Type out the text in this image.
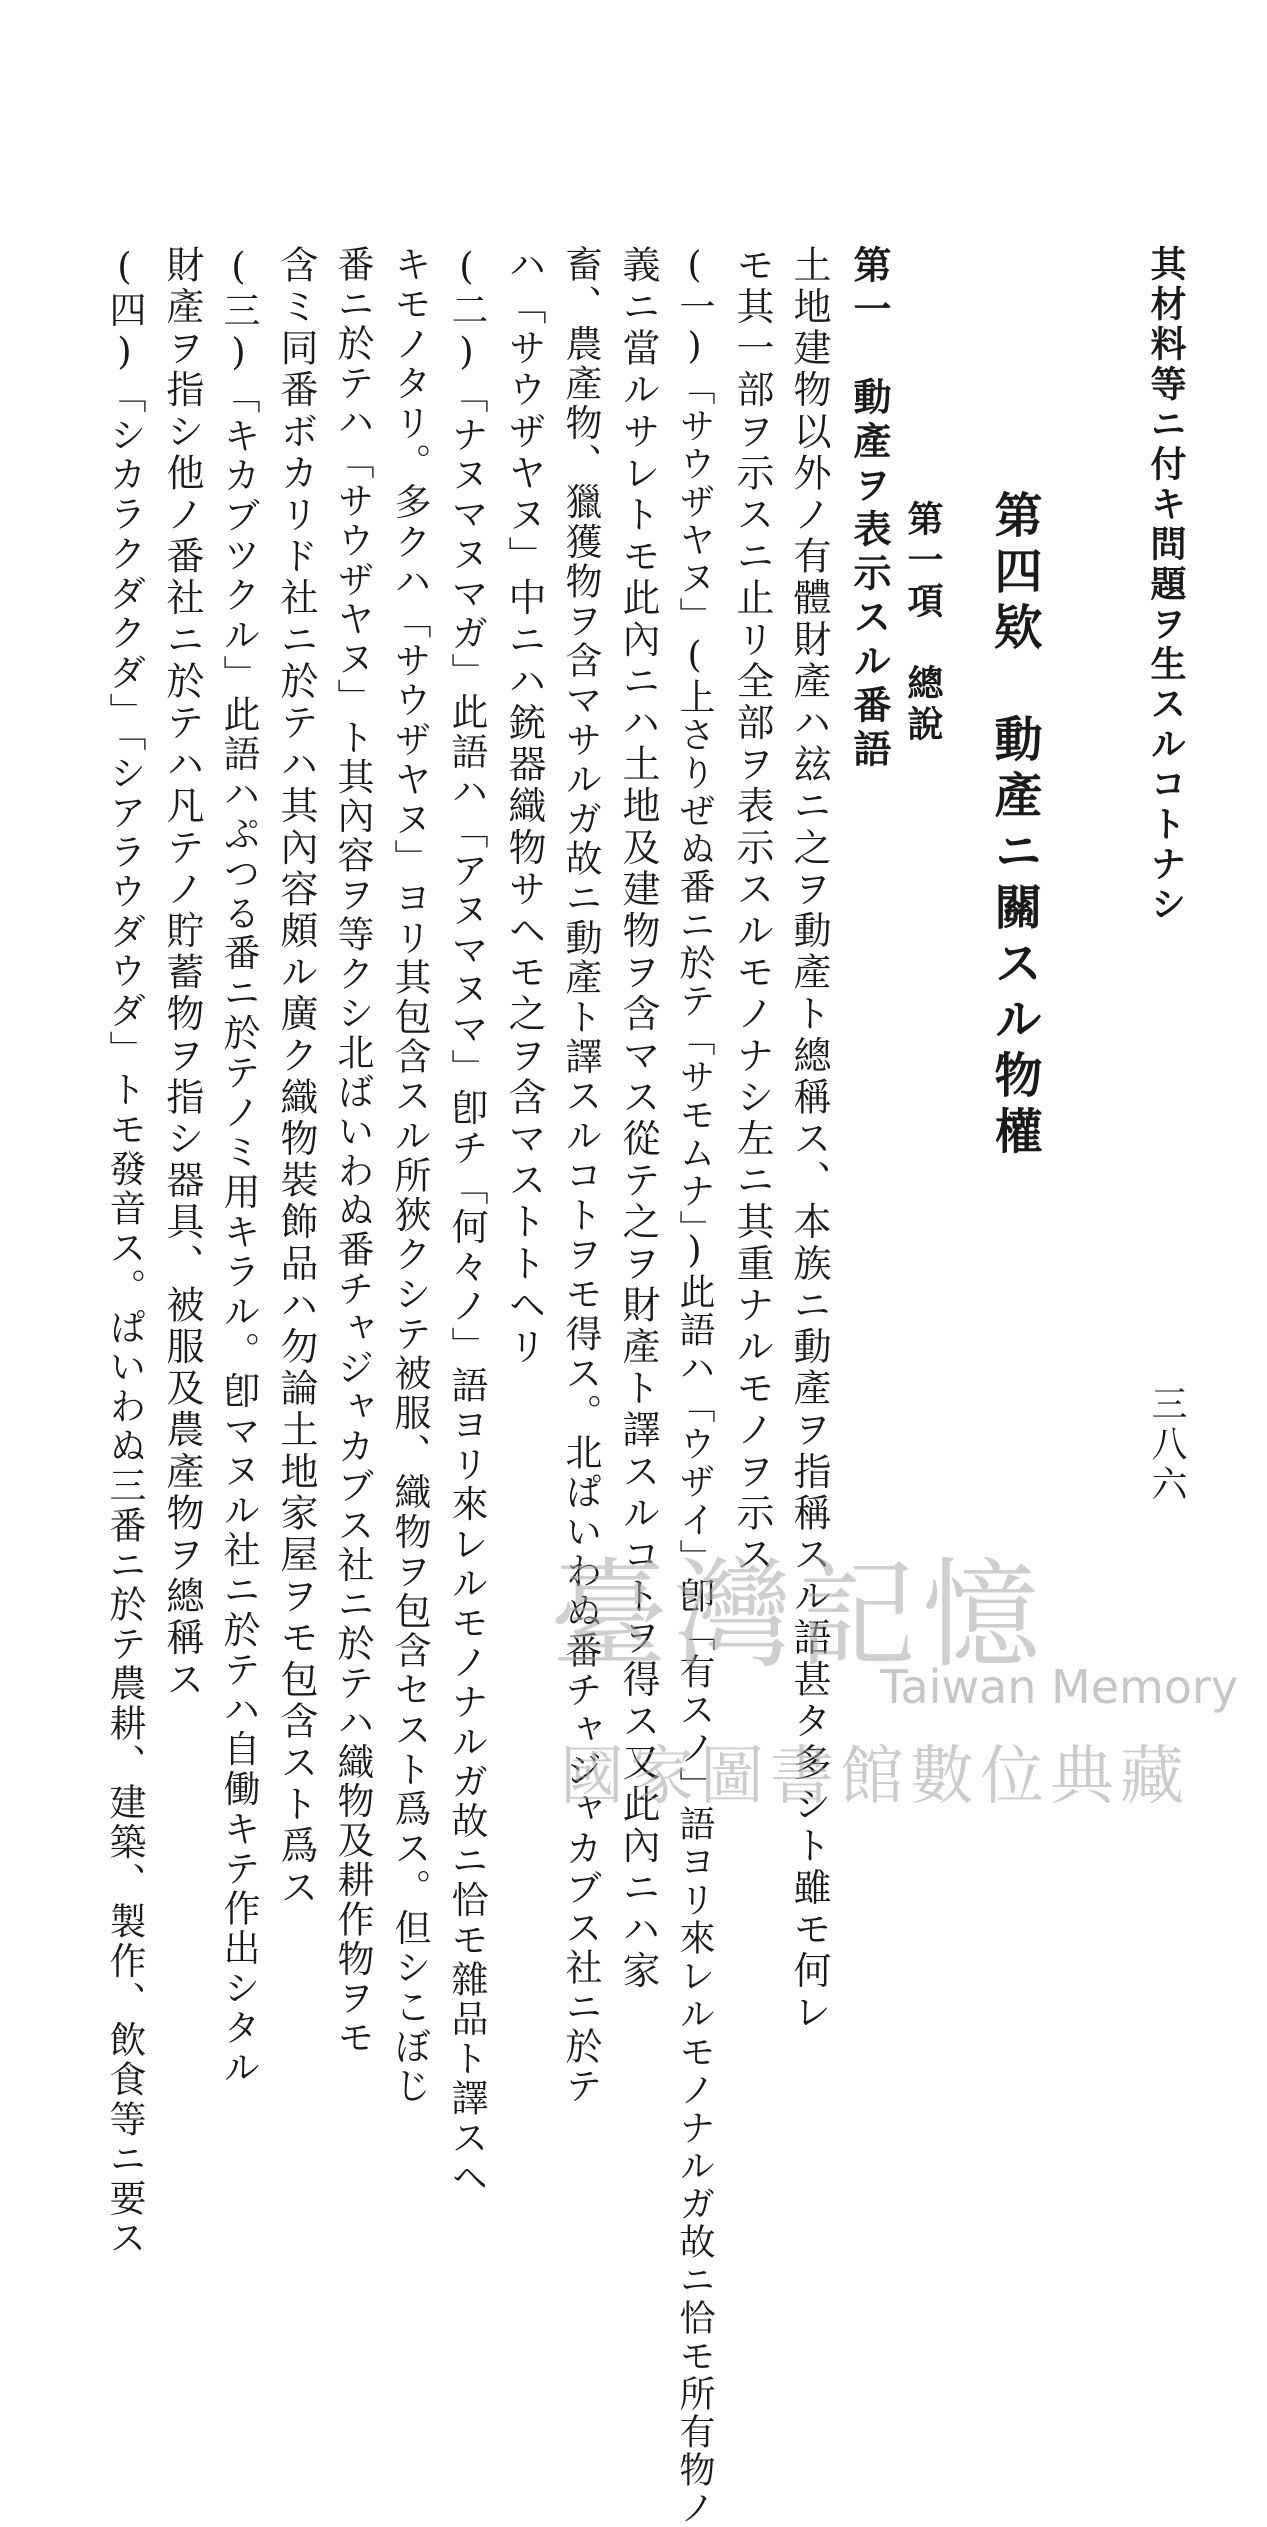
其材料等ニ付キ問題ヲ生スルコトナシ
第四欵　動產ニ關スル物權
第一項　總說
第一　動產ヲ表示スル番語
土地建物以外ノ有體財產ハ玆ニ之ヲ動產ト總稱ス、本族ニ動產ヲ指稱スル語甚タ多シト雖モ何レ
モ其一部ヲ示スニ止リ全部ヲ表示スルモノナシ左ニ其重ナルモノヲ示ス
(一)「サウザヤヌ」(上さりぜぬ番ニ於テ「サモムナ」)此語ハ「ウザイ」卽「有スノ」語ヨリ來レルモノナルガ故ニ恰モ所有物ノ
義ニ當ルサレトモ此內ニハ土地及建物ヲ含マス從テ之ヲ財產ト譯スルコトヲ得ス又此內ニハ家
畜、農產物、獵獲物ヲ含マサルガ故ニ動產ト譯スルコトヲモ得ス。北ぱいわぬ番チャジャカブス社ニ於テ
ハ「サウザヤヌ」中ニハ銃器織物サヘモ之ヲ含マストトヘリ
(二)「ナヌマヌマガ」此語ハ「アヌマヌマ」卽チ「何々ノ」語ヨリ來レルモノナルガ故ニ恰モ雜品ト譯スヘ
キモノタリ。多クハ「サウザヤヌ」ヨリ其包含スル所狹クシテ被服、織物ヲ包含セスト爲ス。但シこぼじ
番ニ於テハ「サウザヤヌ」ト其內容ヲ等クシ北ばいわぬ番チャジャカブス社ニ於テハ織物及耕作物ヲモ
含ミ同番ボカリド社ニ於テハ其內容頗ル廣ク織物裝飾品ハ勿論土地家屋ヲモ包含スト爲ス
(三)「キカブツクル」此語ハぷつる番ニ於テノミ用キラル。卽マヌル社ニ於テハ自働キテ作出シタル
財產ヲ指シ他ノ番社ニ於テハ凡テノ貯蓄物ヲ指シ器具、被服及農產物ヲ總稱ス
(四)「シカラクダクダ」「シアラウダウダ」トモ發音ス。ぱいわぬ三番ニ於テ農耕、建築、製作、飲食等ニ要ス	三八六
臺灣記憶
Taiwan Memory
國家圖書館數位典藏
